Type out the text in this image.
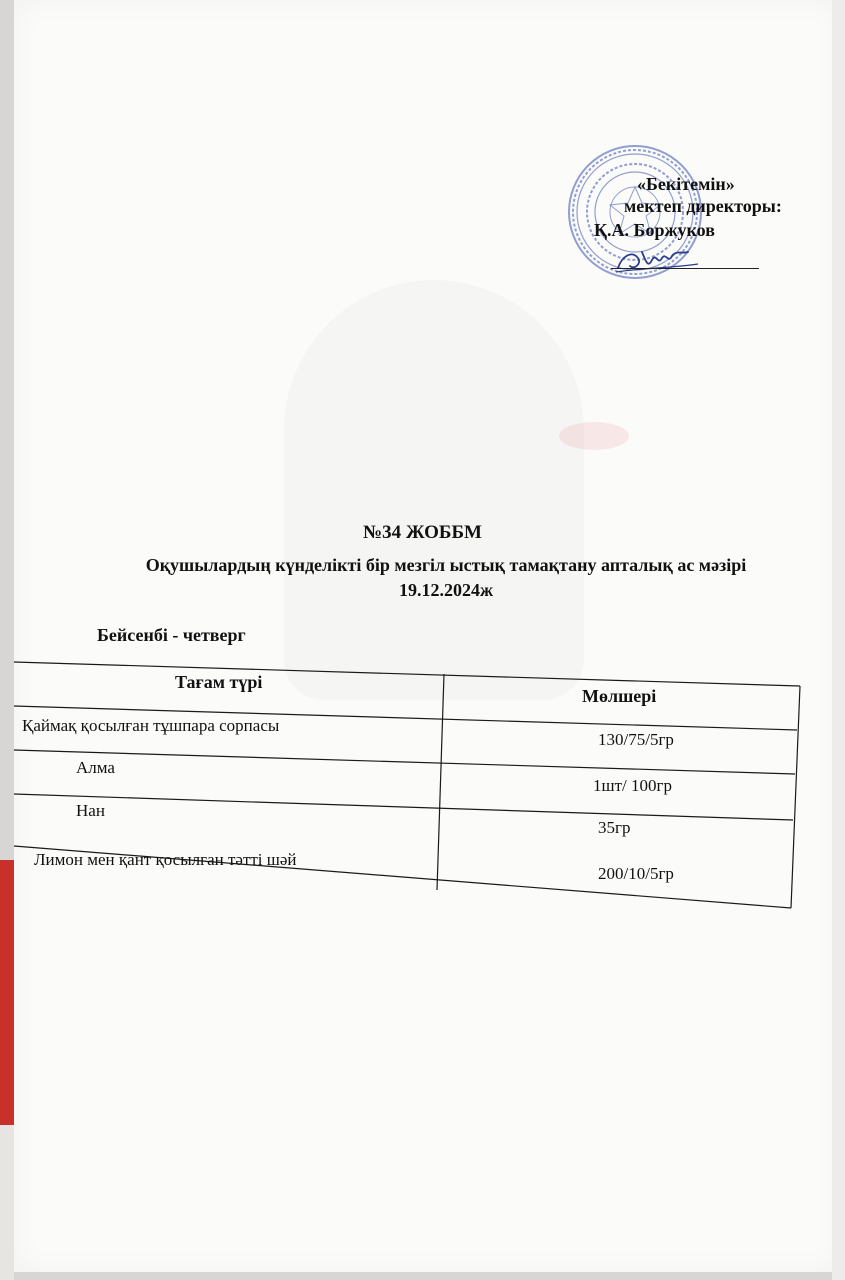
«Бекітемін»
мектеп директоры:
Қ.А. Боржуков
№34 ЖОББМ
Оқушылардың күнделікті бір мезгіл ыстық тамақтану апталық ас мәзірі
19.12.2024ж
Бейсенбі - четверг
Тағам түрі
Мөлшері
Қаймақ қосылған тұшпара сорпасы
130/75/5гр
Алма
1шт/ 100гр
Нан
35гр
Лимон мен қант қосылған тәтті шәй
200/10/5гр
